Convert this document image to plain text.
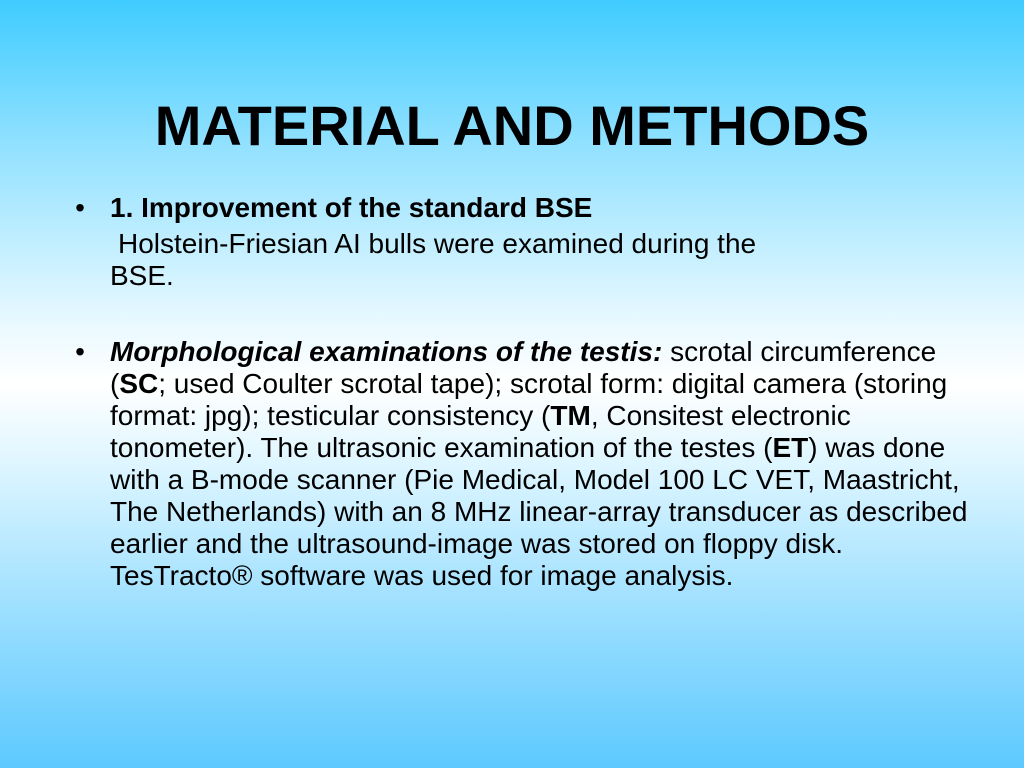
MATERIAL AND METHODS
• 1. Improvement of the standard BSE
Holstein-Friesian AI bulls were examined during the
BSE.
• Morphological examinations of the testis: scrotal circumference (SC; used Coulter scrotal tape); scrotal form: digital camera (storing format: jpg); testicular consistency (TM, Consitest electronic tonometer). The ultrasonic examination of the testes (ET) was done with a B-mode scanner (Pie Medical, Model 100 LC VET, Maastricht, The Netherlands) with an 8 MHz linear-array transducer as described earlier and the ultrasound-image was stored on floppy disk. TesTracto® software was used for image analysis.
